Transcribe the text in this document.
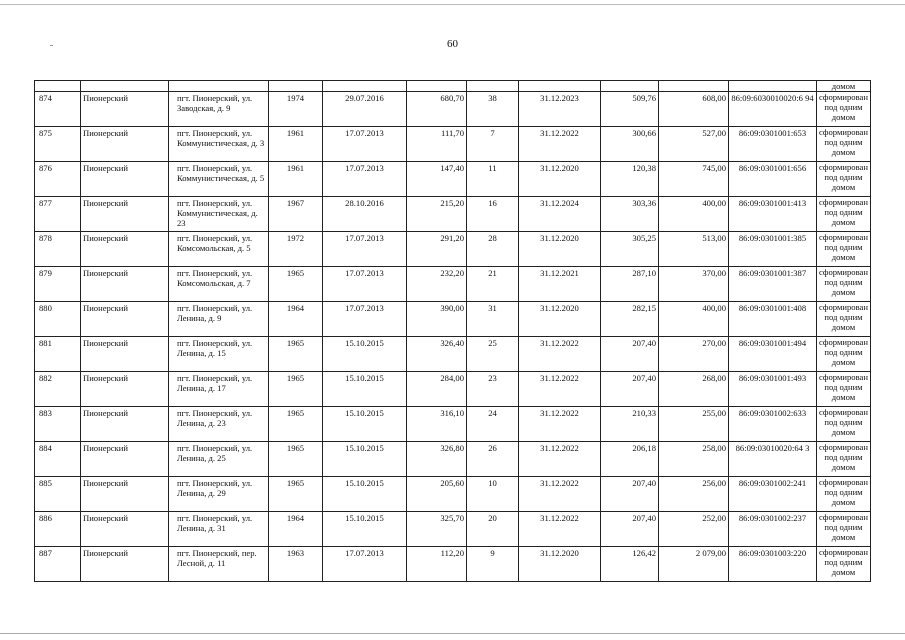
60
											домом
874	Пионерский	пгт. Пионерский, ул. Заводская, д. 9	1974	29.07.2016	680,70	38	31.12.2023	509,76	608,00	86:09:6030010020:6 94	сформирован под одним домом
875	Пионерский	пгт. Пионерский, ул. Коммунистическая, д. 3	1961	17.07.2013	111,70	7	31.12.2022	300,66	527,00	86:09:0301001:653	сформирован под одним домом
876	Пионерский	пгт. Пионерский, ул. Коммунистическая, д. 5	1961	17.07.2013	147,40	11	31.12.2020	120,38	745,00	86:09:0301001:656	сформирован под одним домом
877	Пионерский	пгт. Пионерский, ул. Коммунистическая, д. 23	1967	28.10.2016	215,20	16	31.12.2024	303,36	400,00	86:09:0301001:413	сформирован под одним домом
878	Пионерский	пгт. Пионерский, ул. Комсомольская, д. 5	1972	17.07.2013	291,20	28	31.12.2020	305,25	513,00	86:09:0301001:385	сформирован под одним домом
879	Пионерский	пгт. Пионерский, ул. Комсомольская, д. 7	1965	17.07.2013	232,20	21	31.12.2021	287,10	370,00	86:09:0301001:387	сформирован под одним домом
880	Пионерский	пгт. Пионерский, ул. Ленина, д. 9	1964	17.07.2013	390,00	31	31.12.2020	282,15	400,00	86:09:0301001:408	сформирован под одним домом
881	Пионерский	пгт. Пионерский, ул. Ленина, д. 15	1965	15.10.2015	326,40	25	31.12.2022	207,40	270,00	86:09:0301001:494	сформирован под одним домом
882	Пионерский	пгт. Пионерский, ул. Ленина, д. 17	1965	15.10.2015	284,00	23	31.12.2022	207,40	268,00	86:09:0301001:493	сформирован под одним домом
883	Пионерский	пгт. Пионерский, ул. Ленина, д. 23	1965	15.10.2015	316,10	24	31.12.2022	210,33	255,00	86:09:0301002:633	сформирован под одним домом
884	Пионерский	пгт. Пионерский, ул. Ленина, д. 25	1965	15.10.2015	326,80	26	31.12.2022	206,18	258,00	86:09:03010020:64 3	сформирован под одним домом
885	Пионерский	пгт. Пионерский, ул. Ленина, д. 29	1965	15.10.2015	205,60	10	31.12.2022	207,40	256,00	86:09:0301002:241	сформирован под одним домом
886	Пионерский	пгт. Пионерский, ул. Ленина, д. 31	1964	15.10.2015	325,70	20	31.12.2022	207,40	252,00	86:09:0301002:237	сформирован под одним домом
887	Пионерский	пгт. Пионерский, пер. Лесной, д. 11	1963	17.07.2013	112,20	9	31.12.2020	126,42	2 079,00	86:09:0301003:220	сформирован под одним домом
